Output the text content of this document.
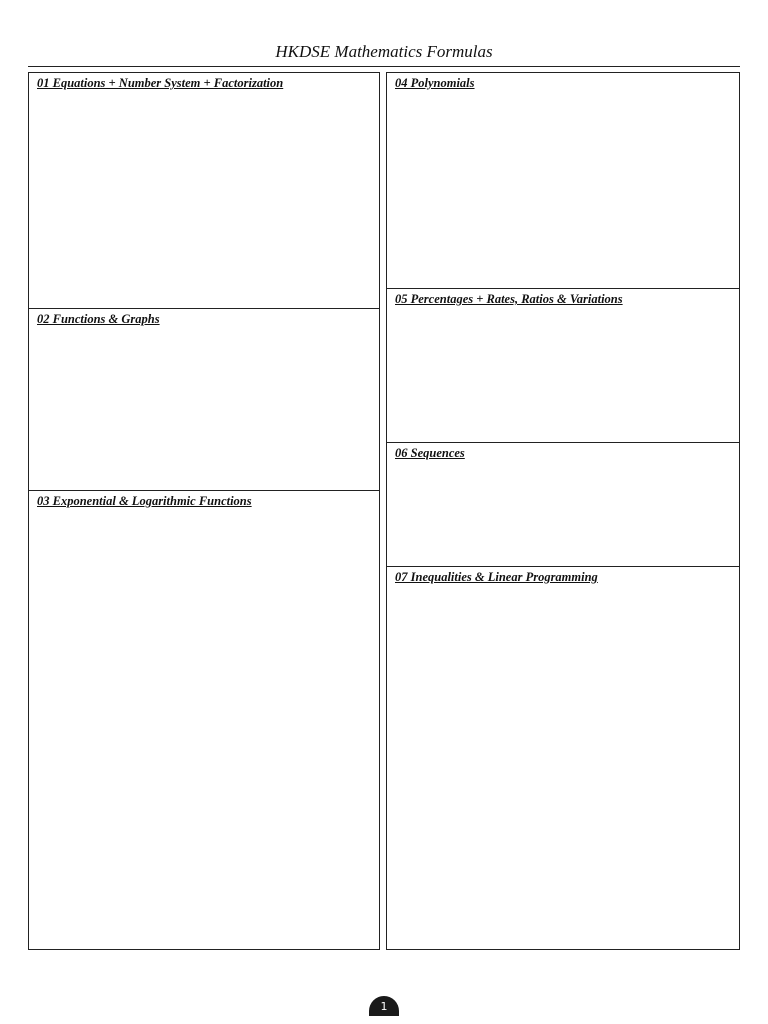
HKDSE Mathematics Formulas
01 Equations + Number System + Factorization
02 Functions & Graphs
03 Exponential & Logarithmic Functions
04 Polynomials
05 Percentages + Rates, Ratios & Variations
06 Sequences
07 Inequalities & Linear Programming
1
